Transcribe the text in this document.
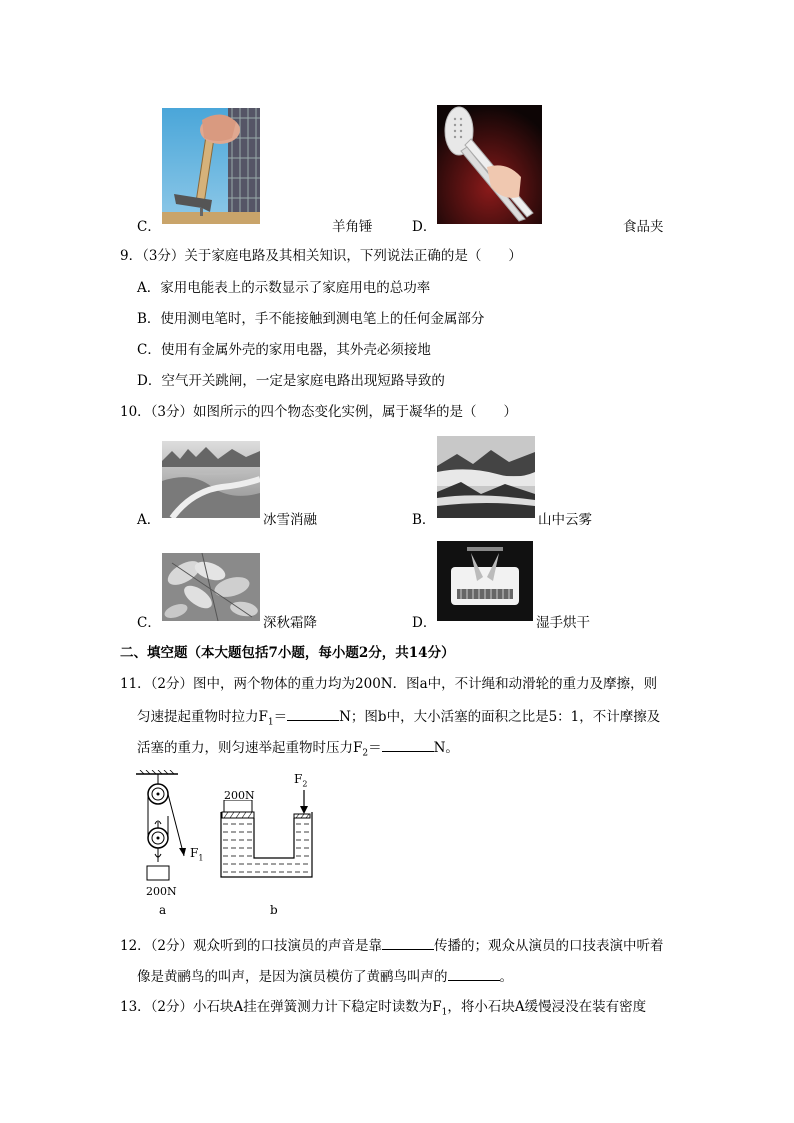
C．	羊角锤	D．	食品夹
9．（3分）关于家庭电路及其相关知识，下列说法正确的是（　　）
A．家用电能表上的示数显示了家庭用电的总功率
B．使用测电笔时，手不能接触到测电笔上的任何金属部分
C．使用有金属外壳的家用电器，其外壳必须接地
D．空气开关跳闸，一定是家庭电路出现短路导致的
10．（3分）如图所示的四个物态变化实例，属于凝华的是（　　）
A．	冰雪消融	B．	山中云雾
C．	深秋霜降	D．	湿手烘干
二、填空题（本大题包括7小题，每小题2分，共14分）
11．（2分）图中，两个物体的重力均为200N．图a中，不计绳和动滑轮的重力及摩擦，则
匀速提起重物时拉力$F_1=$	N；图b中，大小活塞的面积之比是5：1，不计摩擦及
活塞的重力，则匀速举起重物时压力$F_2=$	N。
$F_1$
200N
a
200N
$F_2$
b
12．（2分）观众听到的口技演员的声音是靠	传播的；观众从演员的口技表演中听着
像是黄鹂鸟的叫声，是因为演员模仿了黄鹂鸟叫声的	。
13．（2分）小石块A挂在弹簧测力计下稳定时读数为$F_1$，将小石块A缓慢浸没在装有密度
